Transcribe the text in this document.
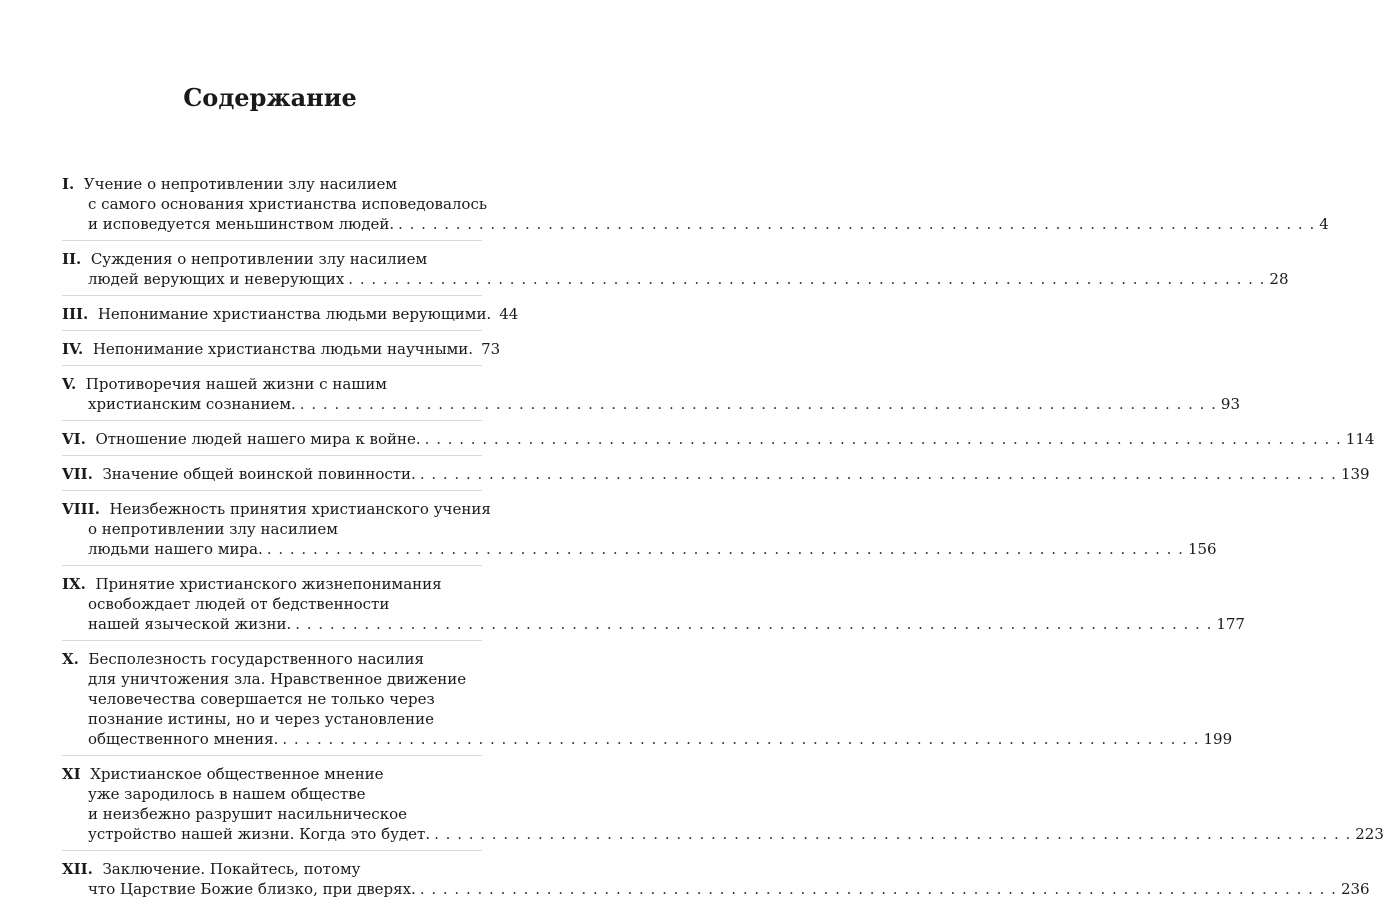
Содержание
I. Учение о непротивлении злу насилием
с самого основания христианства исповедовалось
и исповедуется меньшинством людей. . . . . . . . . . . . . . . . . . . . . . . . . . . . . . . . . . . . . . . . . . . . . . . . . . . . . . . . . . . . . . . . . . . . . . . . . . . . . . . . . 4
II. Суждения о непротивлении злу насилием
людей верующих и неверующих . . . . . . . . . . . . . . . . . . . . . . . . . . . . . . . . . . . . . . . . . . . . . . . . . . . . . . . . . . . . . . . . . . . . . . . . . . . . . . . . 28
III. Непонимание христианства людьми верующими. 44
IV. Непонимание христианства людьми научными. 73
V. Противоречия нашей жизни с нашим
христианским сознанием. . . . . . . . . . . . . . . . . . . . . . . . . . . . . . . . . . . . . . . . . . . . . . . . . . . . . . . . . . . . . . . . . . . . . . . . . . . . . . . . . 93
VI. Отношение людей нашего мира к войне. . . . . . . . . . . . . . . . . . . . . . . . . . . . . . . . . . . . . . . . . . . . . . . . . . . . . . . . . . . . . . . . . . . . . . . . . . . . . . . . . 114
VII. Значение общей воинской повинности. . . . . . . . . . . . . . . . . . . . . . . . . . . . . . . . . . . . . . . . . . . . . . . . . . . . . . . . . . . . . . . . . . . . . . . . . . . . . . . . . 139
VIII. Неизбежность принятия христианского учения
о непротивлении злу насилием
людьми нашего мира. . . . . . . . . . . . . . . . . . . . . . . . . . . . . . . . . . . . . . . . . . . . . . . . . . . . . . . . . . . . . . . . . . . . . . . . . . . . . . . . . 156
IX. Принятие христианского жизнепонимания
освобождает людей от бедственности
нашей языческой жизни. . . . . . . . . . . . . . . . . . . . . . . . . . . . . . . . . . . . . . . . . . . . . . . . . . . . . . . . . . . . . . . . . . . . . . . . . . . . . . . . . 177
X. Бесполезность государственного насилия
для уничтожения зла. Нравственное движение
человечества совершается не только через
познание истины, но и через установление
общественного мнения. . . . . . . . . . . . . . . . . . . . . . . . . . . . . . . . . . . . . . . . . . . . . . . . . . . . . . . . . . . . . . . . . . . . . . . . . . . . . . . . . 199
XI Христианское общественное мнение
уже зародилось в нашем обществе
и неизбежно разрушит насильническое
устройство нашей жизни. Когда это будет. . . . . . . . . . . . . . . . . . . . . . . . . . . . . . . . . . . . . . . . . . . . . . . . . . . . . . . . . . . . . . . . . . . . . . . . . . . . . . . . . 223
XII. Заключение. Покайтесь, потому
что Царствие Божие близко, при дверях. . . . . . . . . . . . . . . . . . . . . . . . . . . . . . . . . . . . . . . . . . . . . . . . . . . . . . . . . . . . . . . . . . . . . . . . . . . . . . . . . 236
